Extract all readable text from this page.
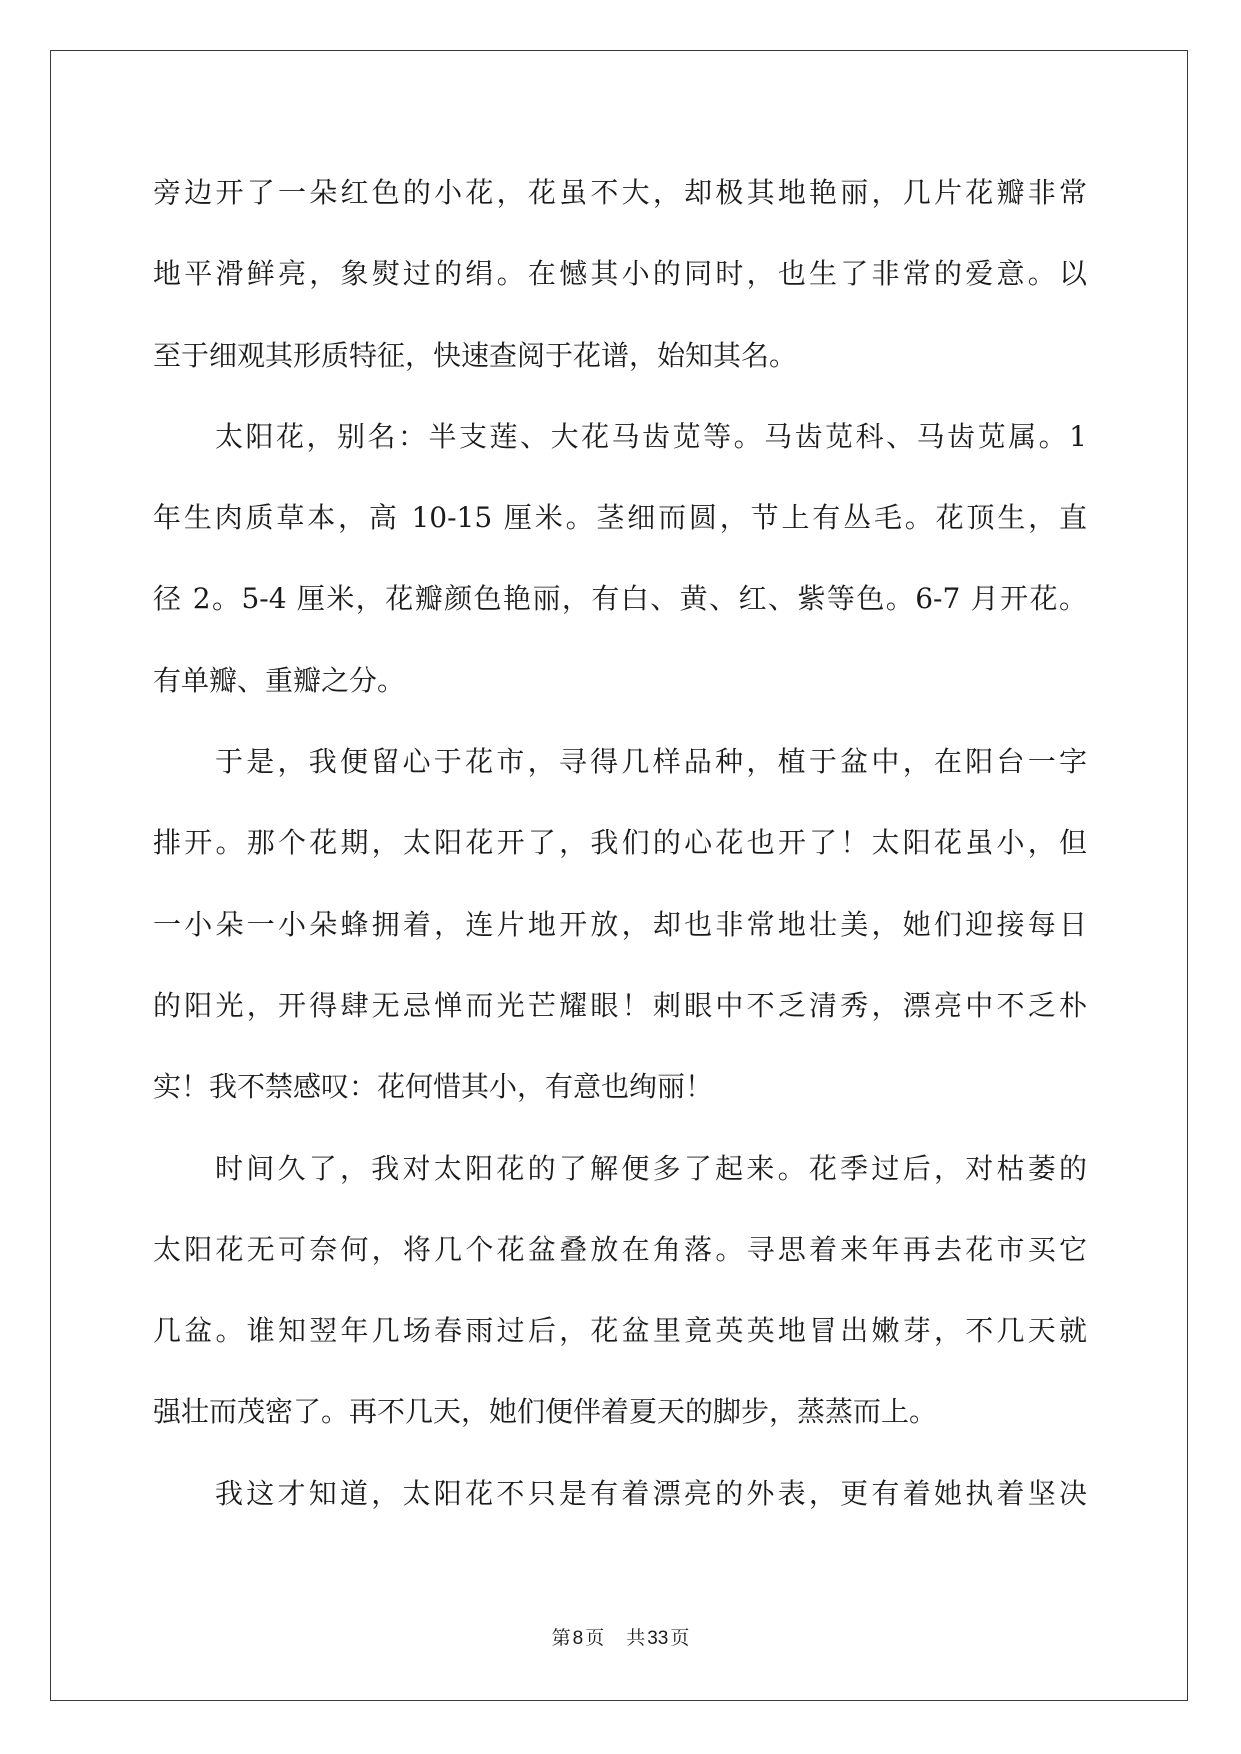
旁边开了一朵红色的小花，花虽不大，却极其地艳丽，几片花瓣非常
地平滑鲜亮，象熨过的绢。在憾其小的同时，也生了非常的爱意。以
至于细观其形质特征，快速查阅于花谱，始知其名。
太阳花，别名：半支莲、大花马齿苋等。马齿苋科、马齿苋属。1
年生肉质草本，高 10-15 厘米。茎细而圆，节上有丛毛。花顶生，直
径 2。5-4 厘米，花瓣颜色艳丽，有白、黄、红、紫等色。6-7 月开花。
有单瓣、重瓣之分。
于是，我便留心于花市，寻得几样品种，植于盆中，在阳台一字
排开。那个花期，太阳花开了，我们的心花也开了！太阳花虽小，但
一小朵一小朵蜂拥着，连片地开放，却也非常地壮美，她们迎接每日
的阳光，开得肆无忌惮而光芒耀眼！刺眼中不乏清秀，漂亮中不乏朴
实！我不禁感叹：花何惜其小，有意也绚丽！
时间久了，我对太阳花的了解便多了起来。花季过后，对枯萎的
太阳花无可奈何，将几个花盆叠放在角落。寻思着来年再去花市买它
几盆。谁知翌年几场春雨过后，花盆里竟英英地冒出嫩芽，不几天就
强壮而茂密了。再不几天，她们便伴着夏天的脚步，蒸蒸而上。
我这才知道，太阳花不只是有着漂亮的外表，更有着她执着坚决
第 8 页 共 33 页
